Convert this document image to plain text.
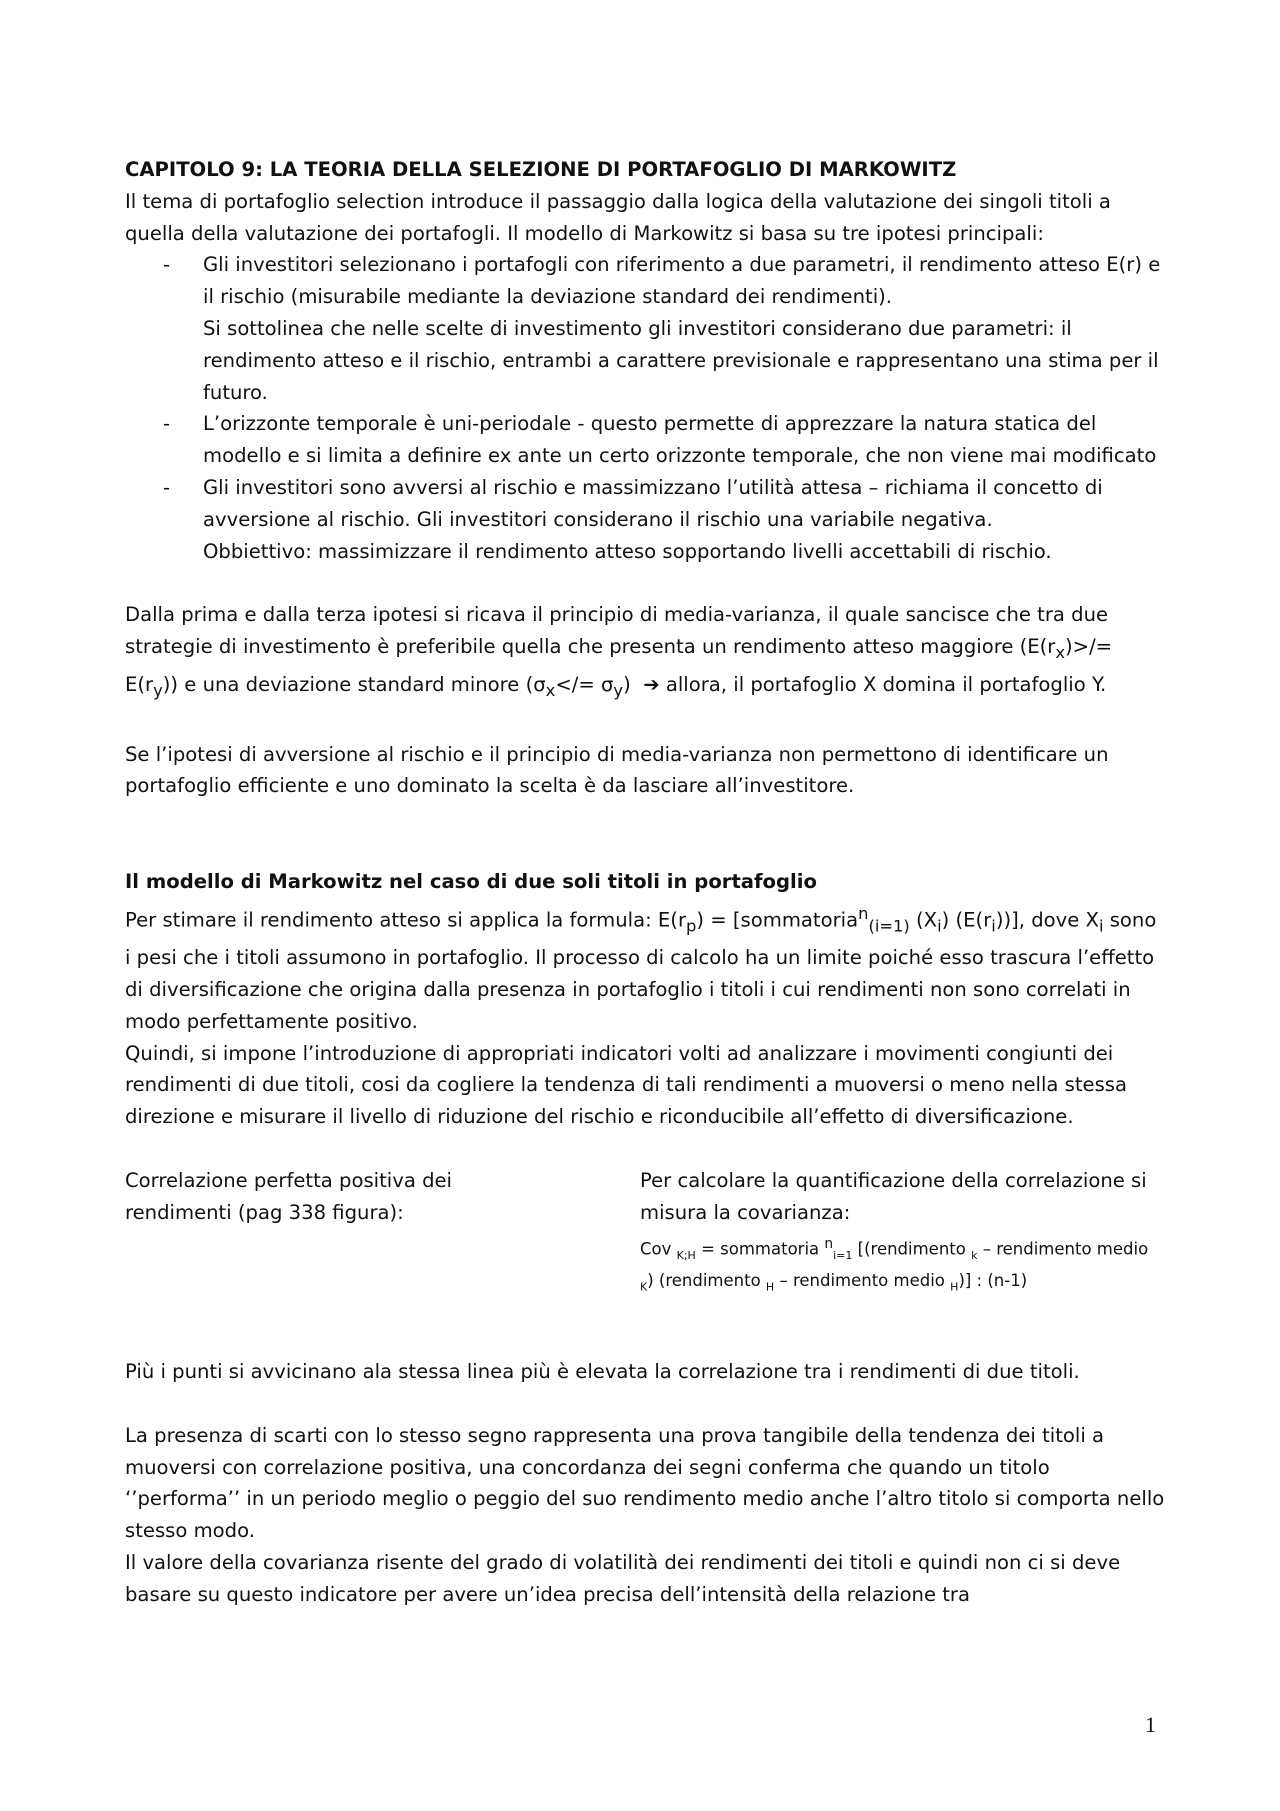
CAPITOLO 9: LA TEORIA DELLA SELEZIONE DI PORTAFOGLIO DI MARKOWITZ

Il tema di portafoglio selection introduce il passaggio dalla logica della valutazione dei singoli titoli a quella della valutazione dei portafogli. Il modello di Markowitz si basa su tre ipotesi principali:

- Gli investitori selezionano i portafogli con riferimento a due parametri, il rendimento atteso E(r) e il rischio (misurabile mediante la deviazione standard dei rendimenti).
Si sottolinea che nelle scelte di investimento gli investitori considerano due parametri: il rendimento atteso e il rischio, entrambi a carattere previsionale e rappresentano una stima per il futuro.
- L’orizzonte temporale è uni-periodale - questo permette di apprezzare la natura statica del modello e si limita a definire ex ante un certo orizzonte temporale, che non viene mai modificato
- Gli investitori sono avversi al rischio e massimizzano l’utilità attesa – richiama il concetto di avversione al rischio. Gli investitori considerano il rischio una variabile negativa.
Obbiettivo: massimizzare il rendimento atteso sopportando livelli accettabili di rischio.

Dalla prima e dalla terza ipotesi si ricava il principio di media-varianza, il quale sancisce che tra due strategie di investimento è preferibile quella che presenta un rendimento atteso maggiore $(E(r_x)>/= E(r_y))$ e una deviazione standard minore $(\sigma_x</= \sigma_y)$ ➔ allora, il portafoglio X domina il portafoglio Y.

Se l’ipotesi di avversione al rischio e il principio di media-varianza non permettono di identificare un portafoglio efficiente e uno dominato la scelta è da lasciare all’investitore.

Il modello di Markowitz nel caso di due soli titoli in portafoglio

Per stimare il rendimento atteso si applica la formula: $E(r_p)$ = [sommatoria$^n_{(i=1)}$ $(X_i)$ $(E(r_i))$], dove $X_i$ sono i pesi che i titoli assumono in portafoglio. Il processo di calcolo ha un limite poiché esso trascura l’effetto di diversificazione che origina dalla presenza in portafoglio i titoli i cui rendimenti non sono correlati in modo perfettamente positivo.

Quindi, si impone l’introduzione di appropriati indicatori volti ad analizzare i movimenti congiunti dei rendimenti di due titoli, cosi da cogliere la tendenza di tali rendimenti a muoversi o meno nella stessa direzione e misurare il livello di riduzione del rischio e riconducibile all’effetto di diversificazione.

Correlazione perfetta positiva dei rendimenti (pag 338 figura):
Per calcolare la quantificazione della correlazione si misura la covarianza:
Cov $_{K;H}$ = sommatoria $^n_{i=1}$ [(rendimento $_k$ – rendimento medio $_K$) (rendimento $_H$ – rendimento medio $_H$)] : (n-1)

Più i punti si avvicinano ala stessa linea più è elevata la correlazione tra i rendimenti di due titoli.

La presenza di scarti con lo stesso segno rappresenta una prova tangibile della tendenza dei titoli a muoversi con correlazione positiva, una concordanza dei segni conferma che quando un titolo ‘’performa’’ in un periodo meglio o peggio del suo rendimento medio anche l’altro titolo si comporta nello stesso modo.

Il valore della covarianza risente del grado di volatilità dei rendimenti dei titoli e quindi non ci si deve basare su questo indicatore per avere un’idea precisa dell’intensità della relazione tra

1
